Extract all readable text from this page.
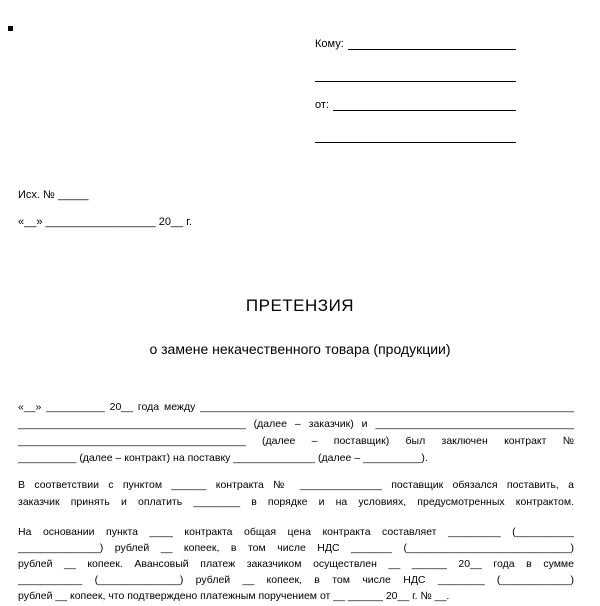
Кому:
от:
Исх. № _____
«__» __________________ 20__ г.
ПРЕТЕНЗИЯ
о замене некачественного товара (продукции)
«__» __________ 20__ года между ________________________________________________________________
_______________________________________ (далее – заказчик) и __________________________________
_______________________________________ (далее – поставщик) был заключен контракт №
__________ (далее – контракт) на поставку ______________ (далее – __________).
В соответствии с пунктом ______ контракта № ______________ поставщик обязался поставить, а
заказчик принять и оплатить ________ в порядке и на условиях, предусмотренных контрактом.
На основании пункта ____ контракта общая цена контракта составляет _________ (__________
______________) рублей __ копеек, в том числе НДС _______ (____________________________)
рублей __ копеек. Авансовый платеж заказчиком осуществлен __ ______ 20__ года в сумме
___________ (______________) рублей __ копеек, в том числе НДС ________ (____________)
рублей __ копеек, что подтверждено платежным поручением от __ ______ 20__ г. № __.
